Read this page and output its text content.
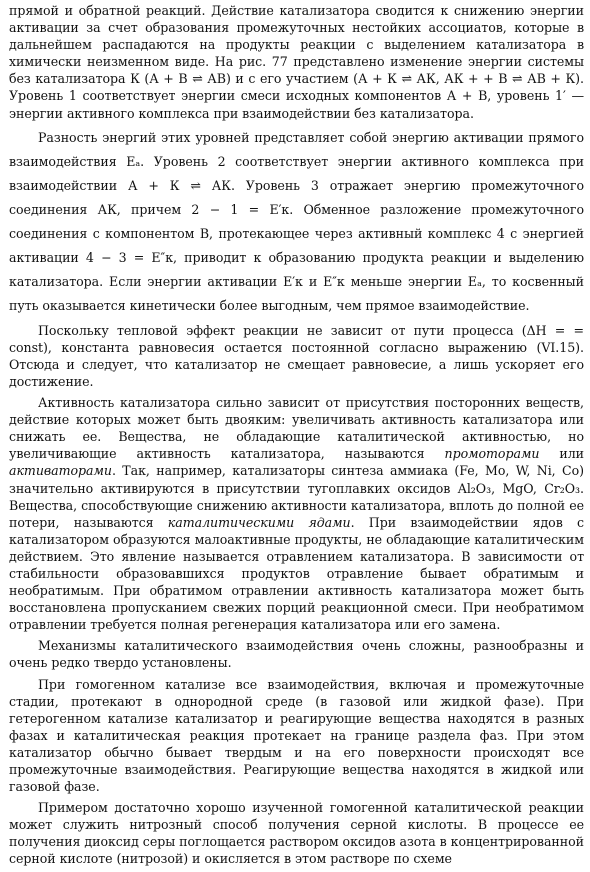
прямой и обратной реакций. Действие катализатора сводится к снижению энергии активации за счет образования промежуточных нестойких ассоциатов, которые в дальнейшем распадаются на продукты реакции с выделением катализатора в химически неизменном виде. На рис. 77 представлено изменение энергии системы без катализатора К (А + В ⇌ АВ) и с его участием (А + К ⇌ АК, АК + + В ⇌ АВ + К). Уровень 1 соответствует энергии смеси исходных компонентов А + В, уровень 1′ — энергии активного комплекса при взаимодействии без катализатора.

Разность энергий этих уровней представляет собой энергию активации прямого взаимодействия Eₐ. Уровень 2 соответствует энергии активного комплекса при взаимодействии А + К ⇌ АК. Уровень 3 отражает энергию промежуточного соединения АК, причем 2 − 1 = E′к. Обменное разложение промежуточного соединения с компонентом В, протекающее через активный комплекс 4 с энергией активации 4 − 3 = E″к, приводит к образованию продукта реакции и выделению катализатора. Если энергии активации E′к и E″к меньше энергии Eₐ, то косвенный путь оказывается кинетически более выгодным, чем прямое взаимодействие.

Поскольку тепловой эффект реакции не зависит от пути процесса (ΔH = = const), константа равновесия остается постоянной согласно выражению (VI.15). Отсюда и следует, что катализатор не смещает равновесие, а лишь ускоряет его достижение.

Активность катализатора сильно зависит от присутствия посторонних веществ, действие которых может быть двояким: увеличивать активность катализатора или снижать ее. Вещества, не обладающие каталитической активностью, но увеличивающие активность катализатора, называются промоторами или активаторами. Так, например, катализаторы синтеза аммиака (Fe, Mo, W, Ni, Co) значительно активируются в присутствии тугоплавких оксидов Al₂O₃, MgO, Cr₂O₃. Вещества, способствующие снижению активности катализатора, вплоть до полной ее потери, называются каталитическими ядами. При взаимодействии ядов с катализатором образуются малоактивные продукты, не обладающие каталитическим действием. Это явление называется отравлением катализатора. В зависимости от стабильности образовавшихся продуктов отравление бывает обратимым и необратимым. При обратимом отравлении активность катализатора может быть восстановлена пропусканием свежих порций реакционной смеси. При необратимом отравлении требуется полная регенерация катализатора или его замена.

Механизмы каталитического взаимодействия очень сложны, разнообразны и очень редко твердо установлены.

При гомогенном катализе все взаимодействия, включая и промежуточные стадии, протекают в однородной среде (в газовой или жидкой фазе). При гетерогенном катализе катализатор и реагирующие вещества находятся в разных фазах и каталитическая реакция протекает на границе раздела фаз. При этом катализатор обычно бывает твердым и на его поверхности происходят все промежуточные взаимодействия. Реагирующие вещества находятся в жидкой или газовой фазе.

Примером достаточно хорошо изученной гомогенной каталитической реакции может служить нитрозный способ получения серной кислоты. В процессе ее получения диоксид серы поглощается раствором оксидов азота в концентрированной серной кислоте (нитрозой) и окисляется в этом растворе по схеме
